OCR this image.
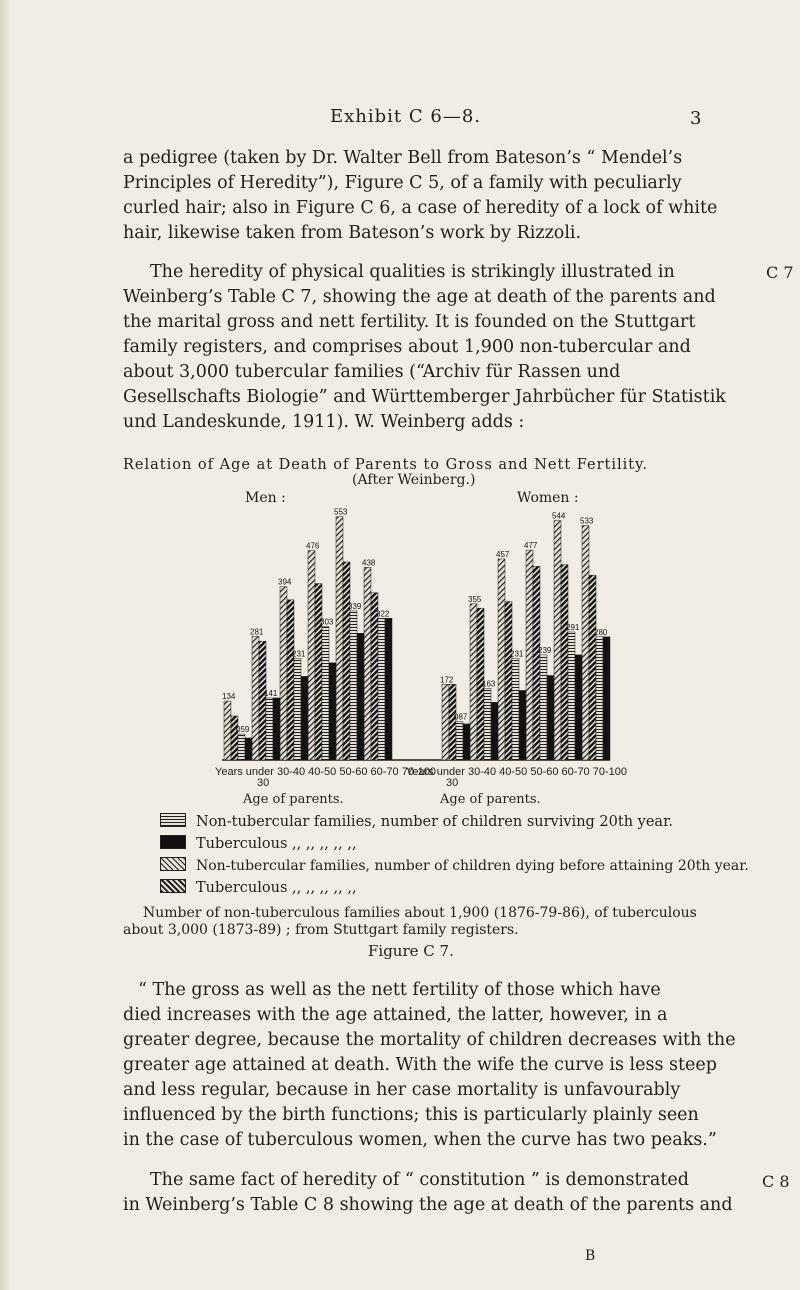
Exhibit C 6—8.	3
a pedigree (taken by Dr. Walter Bell from Bateson’s “ Mendel’s
Principles of Heredity”), Figure C 5, of a family with peculiarly
curled hair; also in Figure C 6, a case of heredity of a lock of white
hair, likewise taken from Bateson’s work by Rizzoli.
The heredity of physical qualities is strikingly illustrated in
Weinberg’s Table C 7, showing the age at death of the parents and
the marital gross and nett fertility. It is founded on the Stuttgart
family registers, and comprises about 1,900 non-tubercular and
about 3,000 tubercular families (“Archiv für Rassen und
Gesellschafts Biologie” and Württemberger Jahrbücher für Statistik
und Landeskunde, 1911). W. Weinberg adds :
C 7
Relation of Age at Death of Parents to Gross and Nett Fertility.
(After Weinberg.)
Men :	Women :
134
281
394
476
553
438
059
141
231
303
339
322
172
355
457
477
544
533
087
163
231 239
291
280
Years under 30-40 40-50 50-60 60-70 70-100
30
Years under 30-40 40-50 50-60 60-70 70-100
30
Age of parents.	Age of parents.
Non-tubercular families, number of children surviving 20th year.
Tuberculous ,, ,, ,, ,, ,,
Non-tubercular families, number of children dying before attaining 20th year.
Tuberculous ,, ,, ,, ,, ,,
Number of non-tuberculous families about 1,900 (1876-79-86), of tuberculous
about 3,000 (1873-89) ; from Stuttgart family registers.
Figure C 7.
“ The gross as well as the nett fertility of those which have
died increases with the age attained, the latter, however, in a
greater degree, because the mortality of children decreases with the
greater age attained at death. With the wife the curve is less steep
and less regular, because in her case mortality is unfavourably
influenced by the birth functions; this is particularly plainly seen
in the case of tuberculous women, when the curve has two peaks.”
The same fact of heredity of “ constitution ” is demonstrated
in Weinberg’s Table C 8 showing the age at death of the parents and
C 8
B
